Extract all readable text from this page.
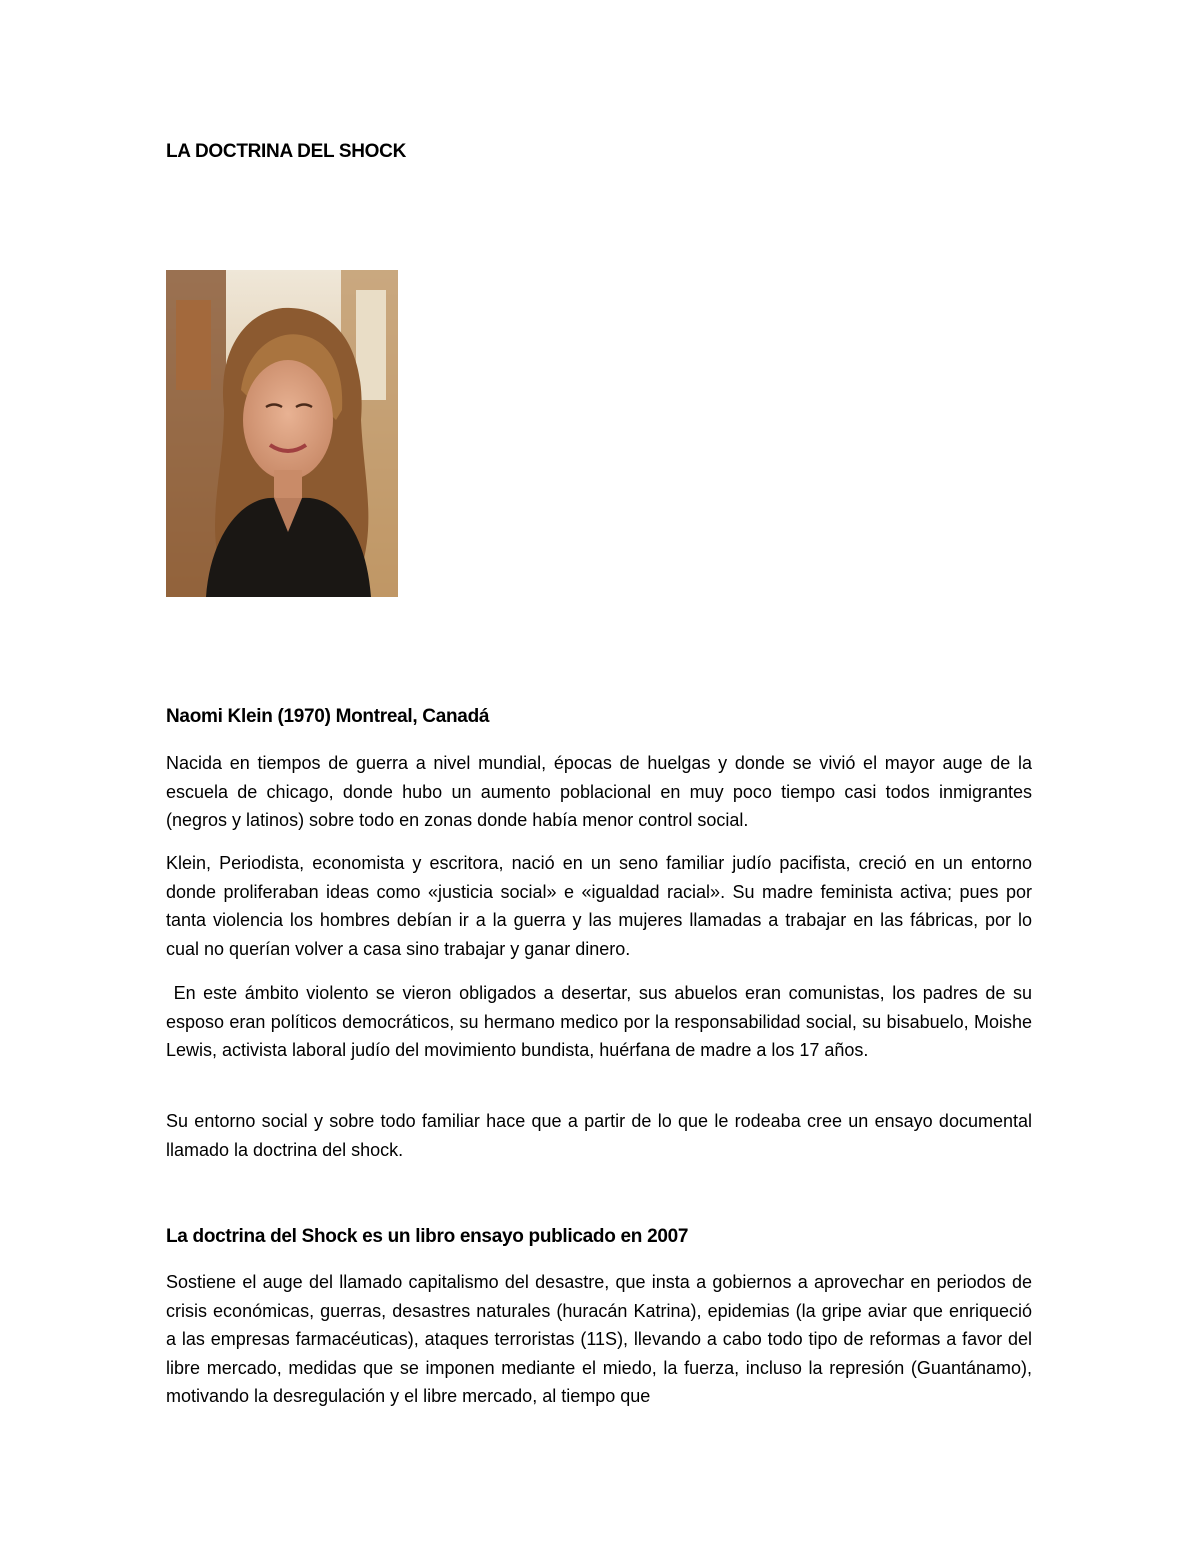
LA DOCTRINA DEL SHOCK
Naomi Klein (1970) Montreal, Canadá

Nacida en tiempos de guerra a nivel mundial, épocas de huelgas y donde se vivió el mayor auge de la escuela de chicago, donde hubo un aumento poblacional en muy poco tiempo casi todos inmigrantes (negros y latinos) sobre todo en zonas donde había menor control social.

Klein, Periodista, economista y escritora, nació en un seno familiar judío pacifista, creció en un entorno donde proliferaban ideas como «justicia social» e «igualdad racial». Su madre feminista activa; pues por tanta violencia los hombres debían ir a la guerra y las mujeres llamadas a trabajar en las fábricas, por lo cual no querían volver a casa sino trabajar y ganar dinero.

En este ámbito violento se vieron obligados a desertar, sus abuelos eran comunistas, los padres de su esposo eran políticos democráticos, su hermano medico por la responsabilidad social, su bisabuelo, Moishe Lewis, activista laboral judío del movimiento bundista, huérfana de madre a los 17 años.

Su entorno social y sobre todo familiar hace que a partir de lo que le rodeaba cree un ensayo documental llamado la doctrina del shock.

La doctrina del Shock es un libro ensayo publicado en 2007

Sostiene el auge del llamado capitalismo del desastre, que insta a gobiernos a aprovechar en periodos de crisis económicas, guerras, desastres naturales (huracán Katrina), epidemias (la gripe aviar que enriqueció a las empresas farmacéuticas), ataques terroristas (11S), llevando a cabo todo tipo de reformas a favor del libre mercado, medidas que se imponen mediante el miedo, la fuerza, incluso la represión (Guantánamo), motivando la desregulación y el libre mercado, al tiempo que
